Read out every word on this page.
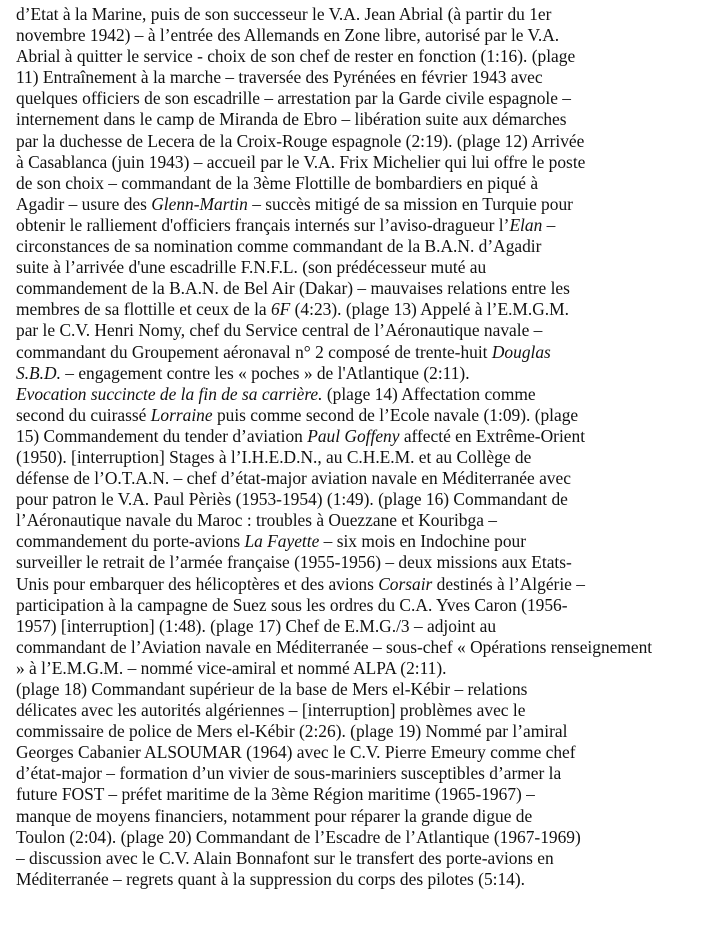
d’Etat à la Marine, puis de son successeur le V.A. Jean Abrial (à partir du 1er
novembre 1942) – à l’entrée des Allemands en Zone libre, autorisé par le V.A.
Abrial à quitter le service - choix de son chef de rester en fonction (1:16). (plage
11) Entraînement à la marche – traversée des Pyrénées en février 1943 avec
quelques officiers de son escadrille – arrestation par la Garde civile espagnole –
internement dans le camp de Miranda de Ebro – libération suite aux démarches
par la duchesse de Lecera de la Croix-Rouge espagnole (2:19). (plage 12) Arrivée
à Casablanca (juin 1943) – accueil par le V.A. Frix Michelier qui lui offre le poste
de son choix – commandant de la 3ème Flottille de bombardiers en piqué à
Agadir – usure des Glenn-Martin – succès mitigé de sa mission en Turquie pour
obtenir le ralliement d'officiers français internés sur l’aviso-dragueur l’Elan –
circonstances de sa nomination comme commandant de la B.A.N. d’Agadir
suite à l’arrivée d'une escadrille F.N.F.L. (son prédécesseur muté au
commandement de la B.A.N. de Bel Air (Dakar) – mauvaises relations entre les
membres de sa flottille et ceux de la 6F (4:23). (plage 13) Appelé à l’E.M.G.M.
par le C.V. Henri Nomy, chef du Service central de l’Aéronautique navale –
commandant du Groupement aéronaval n° 2 composé de trente-huit Douglas
S.B.D. – engagement contre les « poches » de l'Atlantique (2:11).
Evocation succincte de la fin de sa carrière. (plage 14) Affectation comme
second du cuirassé Lorraine puis comme second de l’Ecole navale (1:09). (plage
15) Commandement du tender d’aviation Paul Goffeny affecté en Extrême-Orient
(1950). [interruption] Stages à l’I.H.E.D.N., au C.H.E.M. et au Collège de
défense de l’O.T.A.N. – chef d’état-major aviation navale en Méditerranée avec
pour patron le V.A. Paul Pèriès (1953-1954) (1:49). (plage 16) Commandant de
l’Aéronautique navale du Maroc : troubles à Ouezzane et Kouribga –
commandement du porte-avions La Fayette – six mois en Indochine pour
surveiller le retrait de l’armée française (1955-1956) – deux missions aux Etats-
Unis pour embarquer des hélicoptères et des avions Corsair destinés à l’Algérie –
participation à la campagne de Suez sous les ordres du C.A. Yves Caron (1956-
1957) [interruption] (1:48). (plage 17) Chef de E.M.G./3 – adjoint au
commandant de l’Aviation navale en Méditerranée – sous-chef « Opérations renseignement
» à l’E.M.G.M. – nommé vice-amiral et nommé ALPA (2:11).
(plage 18) Commandant supérieur de la base de Mers el-Kébir – relations
délicates avec les autorités algériennes – [interruption] problèmes avec le
commissaire de police de Mers el-Kébir (2:26). (plage 19) Nommé par l’amiral
Georges Cabanier ALSOUMAR (1964) avec le C.V. Pierre Emeury comme chef
d’état-major – formation d’un vivier de sous-mariniers susceptibles d’armer la
future FOST – préfet maritime de la 3ème Région maritime (1965-1967) –
manque de moyens financiers, notamment pour réparer la grande digue de
Toulon (2:04). (plage 20) Commandant de l’Escadre de l’Atlantique (1967-1969)
– discussion avec le C.V. Alain Bonnafont sur le transfert des porte-avions en
Méditerranée – regrets quant à la suppression du corps des pilotes (5:14).
